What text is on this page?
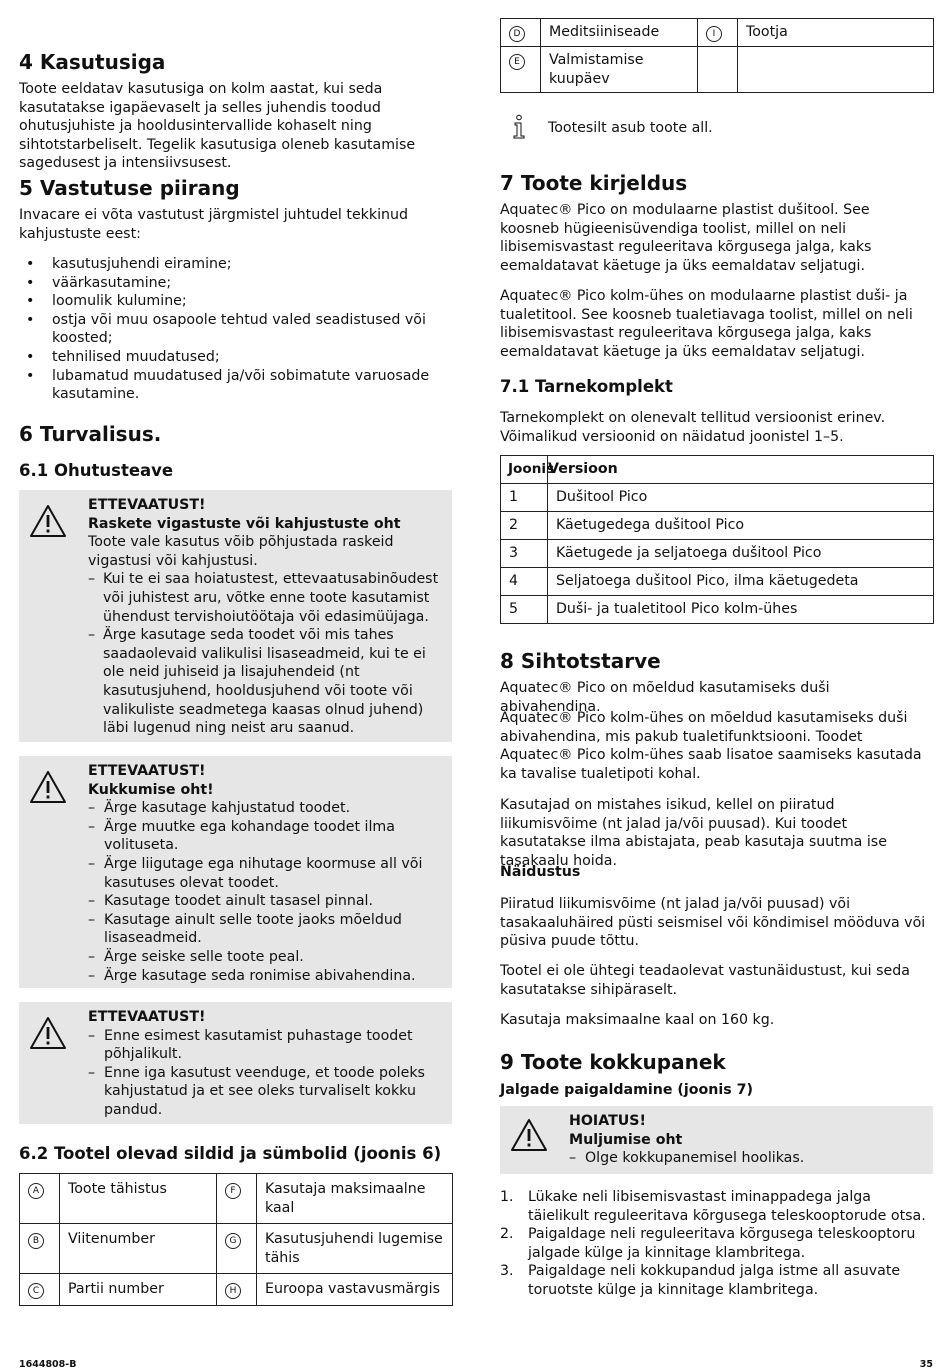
4 Kasutusiga

Toote eeldatav kasutusiga on kolm aastat, kui seda kasutatakse igapäevaselt ja selles juhendis toodud ohutusjuhiste ja hooldusintervallide kohaselt ning sihtotstarbeliselt. Tegelik kasutusiga oleneb kasutamise sagedusest ja intensiivsusest.

5 Vastutuse piirang

Invacare ei võta vastutust järgmistel juhtudel tekkinud kahjustuste eest:

• kasutusjuhendi eiramine;
• väärkasutamine;
• loomulik kulumine;
• ostja või muu osapoole tehtud valed seadistused või koosted;
• tehnilised muudatused;
• lubamatud muudatused ja/või sobimatute varuosade kasutamine.
6 Turvalisus.
6.1 Ohutusteave
ETTEVAATUST!
Raskete vigastuste või kahjustuste oht
Toote vale kasutus võib põhjustada raskeid vigastusi või kahjustusi.
– Kui te ei saa hoiatustest, ettevaatusabinõudest või juhistest aru, võtke enne toote kasutamist ühendust tervishoiutöötaja või edasimüüjaga.
– Ärge kasutage seda toodet või mis tahes saadaolevaid valikulisi lisaseadmeid, kui te ei ole neid juhiseid ja lisajuhendeid (nt kasutusjuhend, hooldusjuhend või toote või valikuliste seadmetega kaasas olnud juhend) läbi lugenud ning neist aru saanud.
ETTEVAATUST!
Kukkumise oht!
– Ärge kasutage kahjustatud toodet.
– Ärge muutke ega kohandage toodet ilma volituseta.
– Ärge liigutage ega nihutage koormuse all või kasutuses olevat toodet.
– Kasutage toodet ainult tasasel pinnal.
– Kasutage ainult selle toote jaoks mõeldud lisaseadmeid.
– Ärge seiske selle toote peal.
– Ärge kasutage seda ronimise abivahendina.
ETTEVAATUST!
– Enne esimest kasutamist puhastage toodet põhjalikult.
– Enne iga kasutust veenduge, et toode poleks kahjustatud ja et see oleks turvaliselt kokku pandud.
6.2 Tootel olevad sildid ja sümbolid (joonis 6)
A	Toote tähistus	F	Kasutaja maksimaalne kaal
B	Viitenumber	G	Kasutusjuhendi lugemise tähis
C	Partii number	H	Euroopa vastavusmärgis
D	Meditsiiniseade	I	Tootja
E	Valmistamise kuupäev		

Tootesilt asub toote all.

7 Toote kirjeldus

Aquatec® Pico on modulaarne plastist dušitool. See koosneb hügieenisüvendiga toolist, millel on neli libisemisvastast reguleeritava kõrgusega jalga, kaks eemaldatavat käetuge ja üks eemaldatav seljatugi.

Aquatec® Pico kolm-ühes on modulaarne plastist duši- ja tualetitool. See koosneb tualetiavaga toolist, millel on neli libisemisvastast reguleeritava kõrgusega jalga, kaks eemaldatavat käetuge ja üks eemaldatav seljatugi.

7.1 Tarnekomplekt

Tarnekomplekt on olenevalt tellitud versioonist erinev. Võimalikud versioonid on näidatud joonistel 1–5.

Joonis	Versioon
1	Dušitool Pico
2	Käetugedega dušitool Pico
3	Käetugede ja seljatoega dušitool Pico
4	Seljatoega dušitool Pico, ilma käetugedeta
5	Duši- ja tualetitool Pico kolm-ühes
8 Sihtotstarve

Aquatec® Pico on mõeldud kasutamiseks duši abivahendina.

Aquatec® Pico kolm-ühes on mõeldud kasutamiseks duši abivahendina, mis pakub tualetifunktsiooni. Toodet Aquatec® Pico kolm-ühes saab lisatoe saamiseks kasutada ka tavalise tualetipoti kohal.

Kasutajad on mistahes isikud, kellel on piiratud liikumisvõime (nt jalad ja/või puusad). Kui toodet kasutatakse ilma abistajata, peab kasutaja suutma ise tasakaalu hoida.

Näidustus

Piiratud liikumisvõime (nt jalad ja/või puusad) või tasakaaluhäired püsti seismisel või kõndimisel mööduva või püsiva puude tõttu.

Tootel ei ole ühtegi teadaolevat vastunäidustust, kui seda kasutatakse sihipäraselt.

Kasutaja maksimaalne kaal on 160 kg.

9 Toote kokkupanek

Jalgade paigaldamine (joonis 7)

HOIATUS!
Muljumise oht
– Olge kokkupanemisel hoolikas.
1. Lükake neli libisemisvastast iminappadega jalga täielikult reguleeritava kõrgusega teleskooptorude otsa.
2. Paigaldage neli reguleeritava kõrgusega teleskooptoru jalgade külge ja kinnitage klambritega.
3. Paigaldage neli kokkupandud jalga istme all asuvate toruotste külge ja kinnitage klambritega.
1644808-B	35
